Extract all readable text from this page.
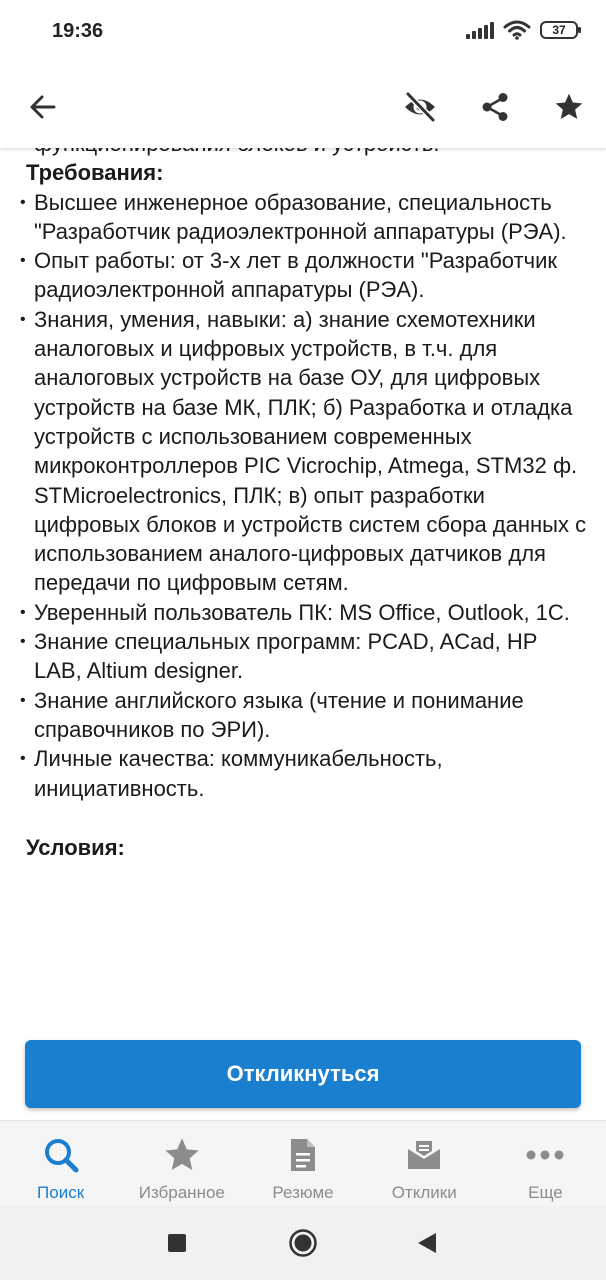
19:36	37
Требования:
• Высшее инженерное образование, специальность "Разработчик радиоэлектронной аппаратуры (РЭА).
• Опыт работы: от 3-х лет в должности "Разработчик радиоэлектронной аппаратуры (РЭА).
• Знания, умения, навыки: а) знание схемотехники аналоговых и цифровых устройств, в т.ч. для аналоговых устройств на базе ОУ, для цифровых устройств на базе МК, ПЛК; б) Разработка и отладка устройств с использованием современных микроконтроллеров PIC Vicrochip, Atmega, STM32 ф. STMicroelectronics, ПЛК; в) опыт разработки цифровых блоков и устройств систем сбора данных с использованием аналого-цифровых датчиков для передачи по цифровым сетям.
• Уверенный пользователь ПК: MS Office, Outlook, 1С.
• Знание специальных программ: PCAD, ACad, HP LAB, Altium designer.
• Знание английского языка (чтение и понимание справочников по ЭРИ).
• Личные качества: коммуникабельность, инициативность.
Условия:
Откликнуться
Поиск	Избранное	Резюме	Отклики	Еще
